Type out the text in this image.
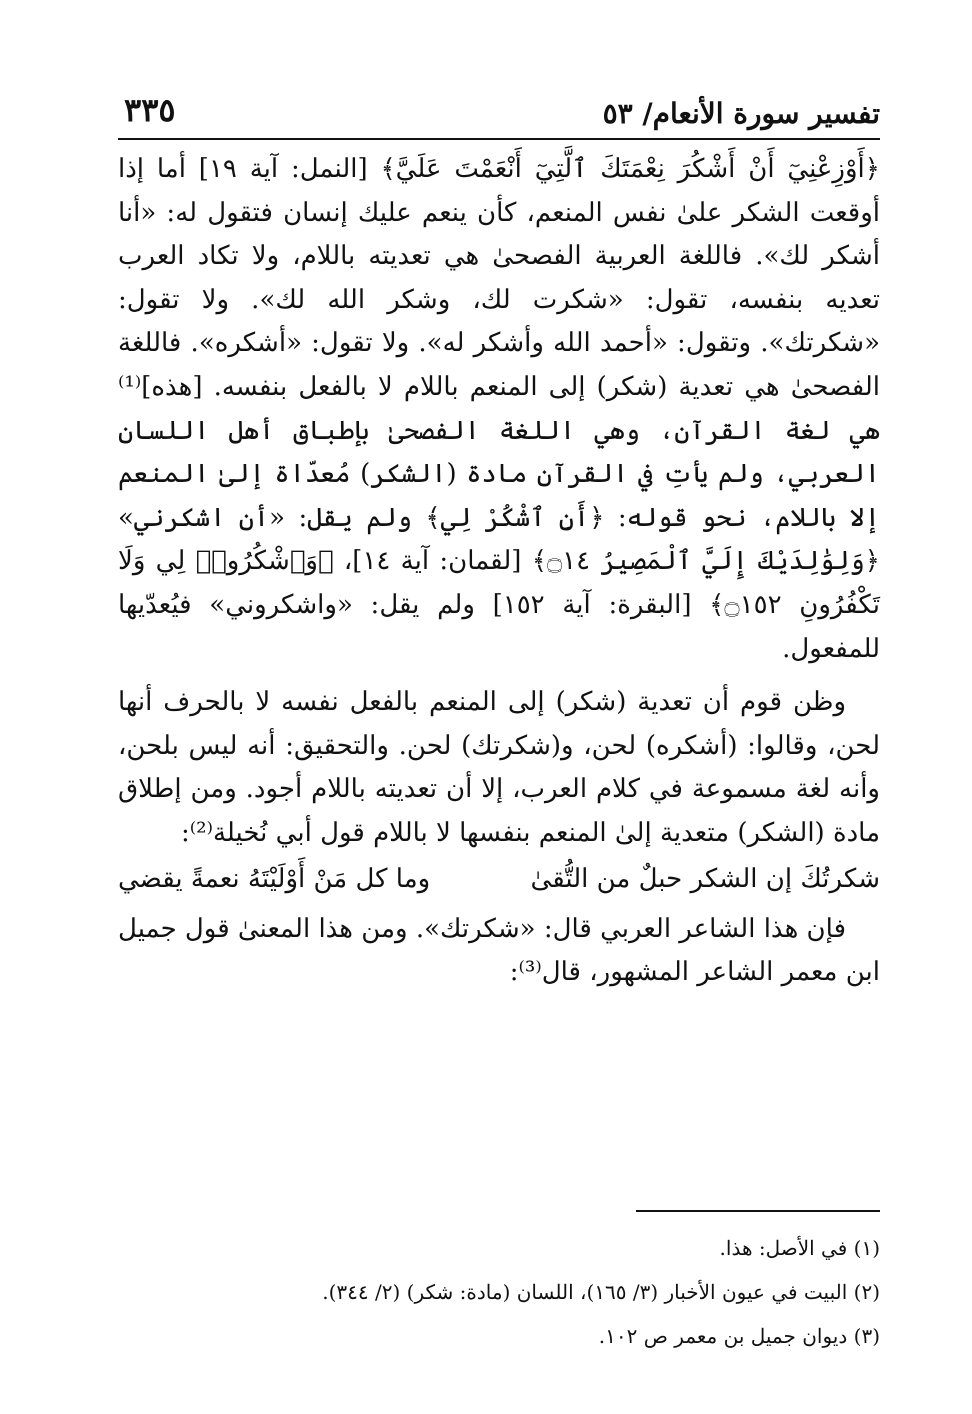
تفسير سورة الأنعام/ ٥٣
٣٣٥

﴿أَوْزِعْنِيٓ أَنْ أَشْكُرَ نِعْمَتَكَ ٱلَّتِيٓ أَنْعَمْتَ عَلَيَّ﴾ [النمل: آية ١٩] أما إذا أوقعت الشكر علىٰ نفس المنعم، كأن ينعم عليك إنسان فتقول له: «أنا أشكر لك». فاللغة العربية الفصحىٰ هي تعديته باللام، ولا تكاد العرب تعديه بنفسه، تقول: «شكرت لك، وشكر الله لك». ولا تقول: «شكرتك». وتقول: «أحمد الله وأشكر له». ولا تقول: «أشكره». فاللغة الفصحىٰ هي تعدية (شكر) إلى المنعم باللام لا بالفعل بنفسه. [هذه]⁽¹⁾ هي لغة القرآن، وهي اللغة الفصحىٰ بإطباق أهل اللسان العربي، ولم يأتِ في القرآن مادة (الشكر) مُعدّاة إلىٰ المنعم إلا باللام، نحو قوله: ﴿أَنِ ٱشْكُرْ لِي﴾ ولم يقل: «أن اشكرني» ﴿وَلِوَٰلِدَيْكَ إِلَيَّ ٱلْمَصِيرُ ۝١٤﴾ [لقمان: آية ١٤]، ﴿وَٱشْكُرُوا۟ لِي وَلَا تَكْفُرُونِ ۝١٥٢﴾ [البقرة: آية ١٥٢] ولم يقل: «واشكروني» فيُعدّيها للمفعول.

وظن قوم أن تعدية (شكر) إلى المنعم بالفعل نفسه لا بالحرف أنها لحن، وقالوا: (أشكره) لحن، و(شكرتك) لحن. والتحقيق: أنه ليس بلحن، وأنه لغة مسموعة في كلام العرب، إلا أن تعديته باللام أجود. ومن إطلاق مادة (الشكر) متعدية إلىٰ المنعم بنفسها لا باللام قول أبي نُخيلة⁽²⁾:

شكرتُكَ إن الشكر حبلٌ من التُّقىٰ
وما كل مَنْ أَوْلَيْتَهُ نعمةً يقضي

فإن هذا الشاعر العربي قال: «شكرتك». ومن هذا المعنىٰ قول جميل ابن معمر الشاعر المشهور، قال⁽³⁾:

(١) في الأصل: هذا.
(٢) البيت في عيون الأخبار (٣/ ١٦٥)، اللسان (مادة: شكر) (٢/ ٣٤٤).
(٣) ديوان جميل بن معمر ص ١٠٢.
